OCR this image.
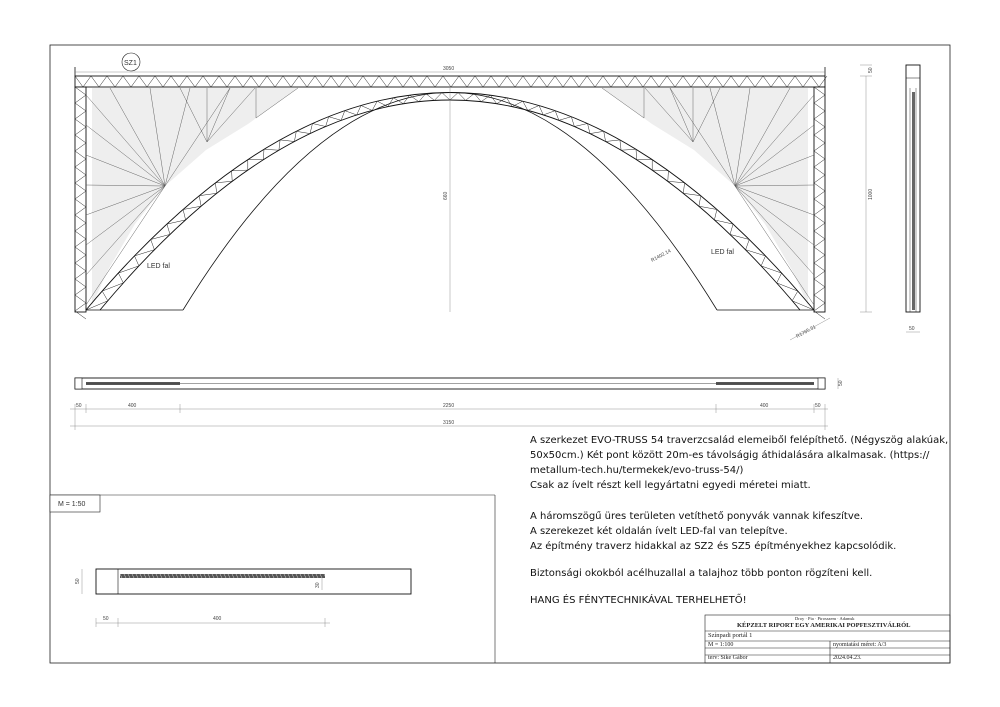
660
3050
1000
50
R1402.14
R1765.31
SZ1
LED fal
LED fal
50
50
50	400	2250	400	50
3150
M = 1:50
50
30
50	400

A szerkezet EVO-TRUSS 54 traverzcsalád elemeiből felépíthető. (Négyszög alakúak, 50x50cm.) Két pont között 20m-es távolságig áthidalására alkalmasak. (https:// metallum-tech.hu/termekek/evo-truss-54/)

Csak az ívelt részt kell legyártatni egyedi méretei miatt.

A háromszögű üres területen vetíthető ponyvák vannak kifeszítve.

A szerekezet két oldalán ívelt LED-fal van telepítve.

Az építmény traverz hidakkal az SZ2 és SZ5 építményekhez kapcsolódik.

Biztonsági okokból acélhuzallal a talajhoz több ponton rögzíteni kell.

HANG ÉS FÉNYTECHNIKÁVAL TERHELHETŐ!

Droy · Pia · Pirosszem · Adamsk
KÉPZELT RIPORT EGY AMERIKAI POPFESZTIVÁLRÓL
Színpadi portál 1
M = 1:100	nyomtatási méret: A/3
terv: Sike Gábor	2024.04.23.
